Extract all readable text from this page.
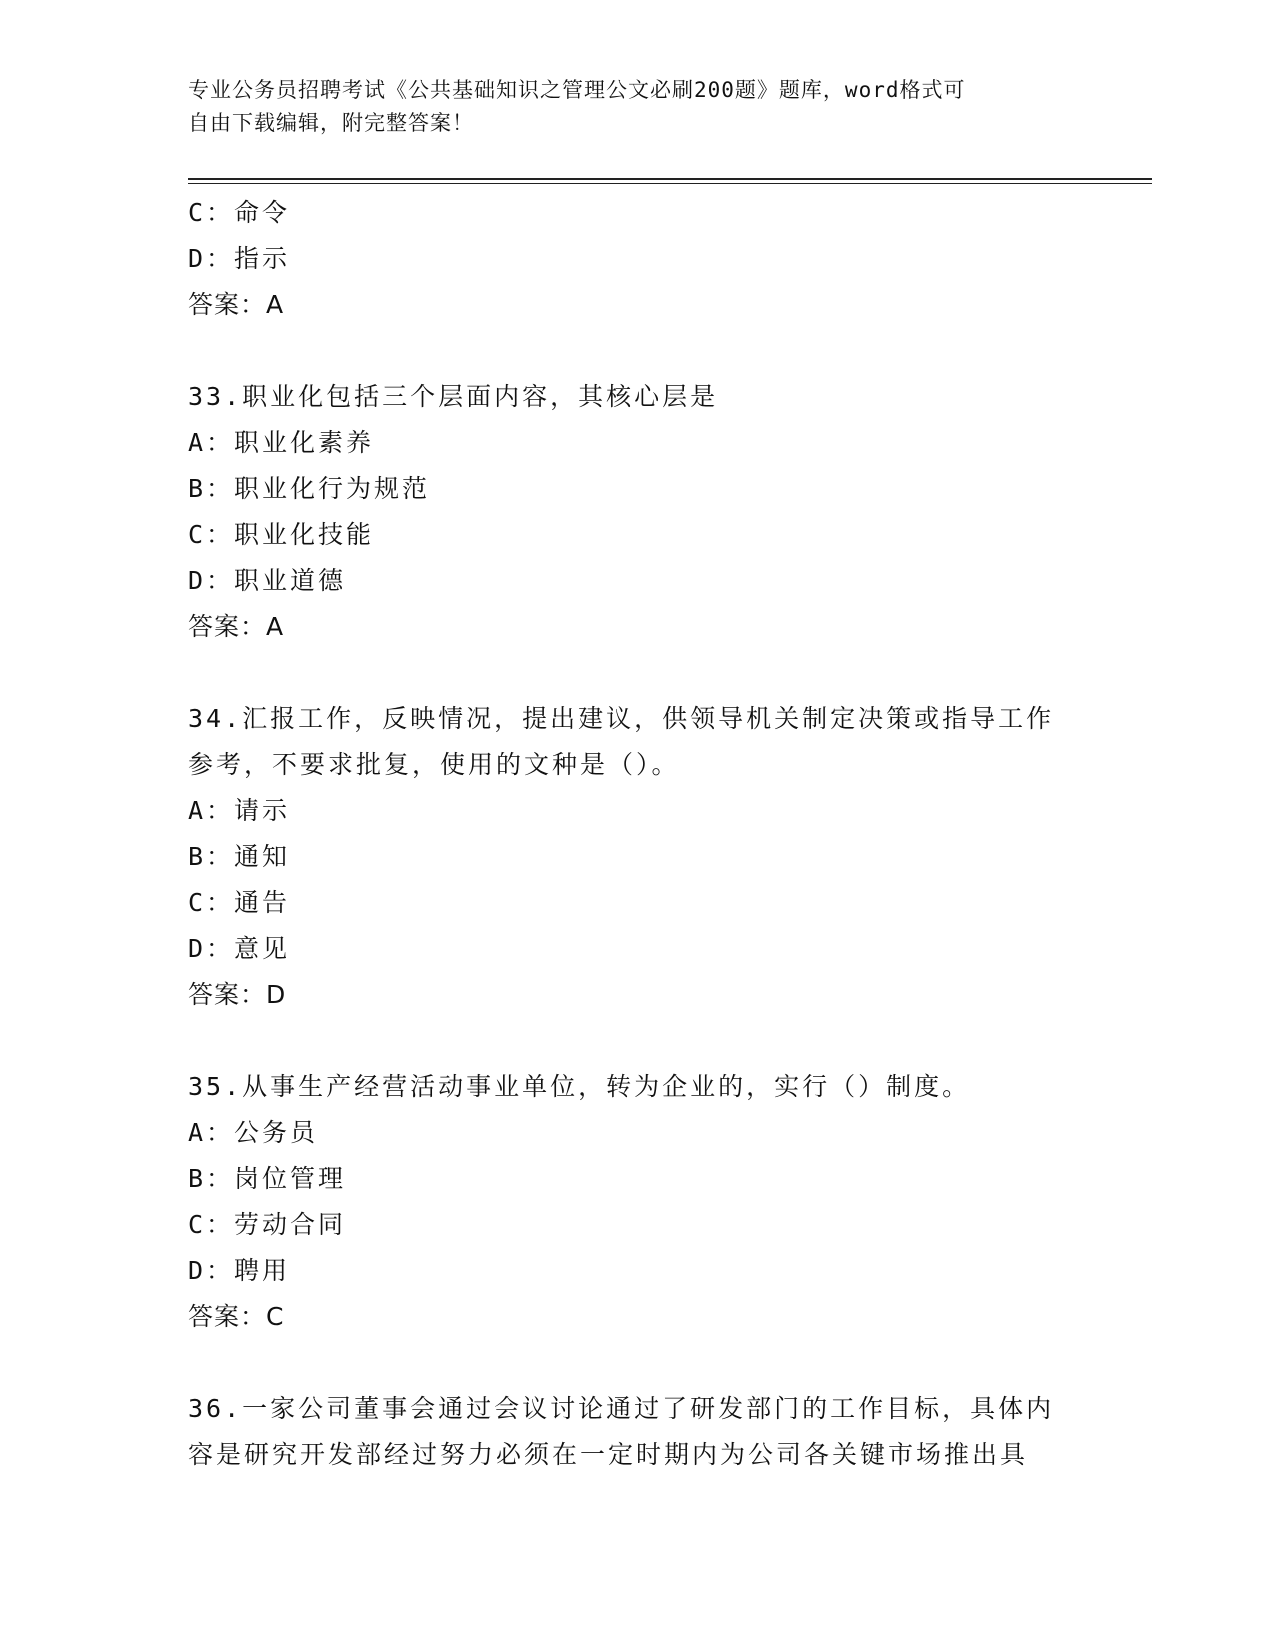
专业公务员招聘考试《公共基础知识之管理公文必刷200题》题库，word格式可
自由下载编辑，附完整答案！
C：命令
D：指示
答案：A
33.职业化包括三个层面内容，其核心层是
A：职业化素养
B：职业化行为规范
C：职业化技能
D：职业道德
答案：A
34.汇报工作，反映情况，提出建议，供领导机关制定决策或指导工作
参考，不要求批复，使用的文种是（）。
A：请示
B：通知
C：通告
D：意见
答案：D
35.从事生产经营活动事业单位，转为企业的，实行（）制度。
A：公务员
B：岗位管理
C：劳动合同
D：聘用
答案：C
36.一家公司董事会通过会议讨论通过了研发部门的工作目标，具体内
容是研究开发部经过努力必须在一定时期内为公司各关键市场推出具
